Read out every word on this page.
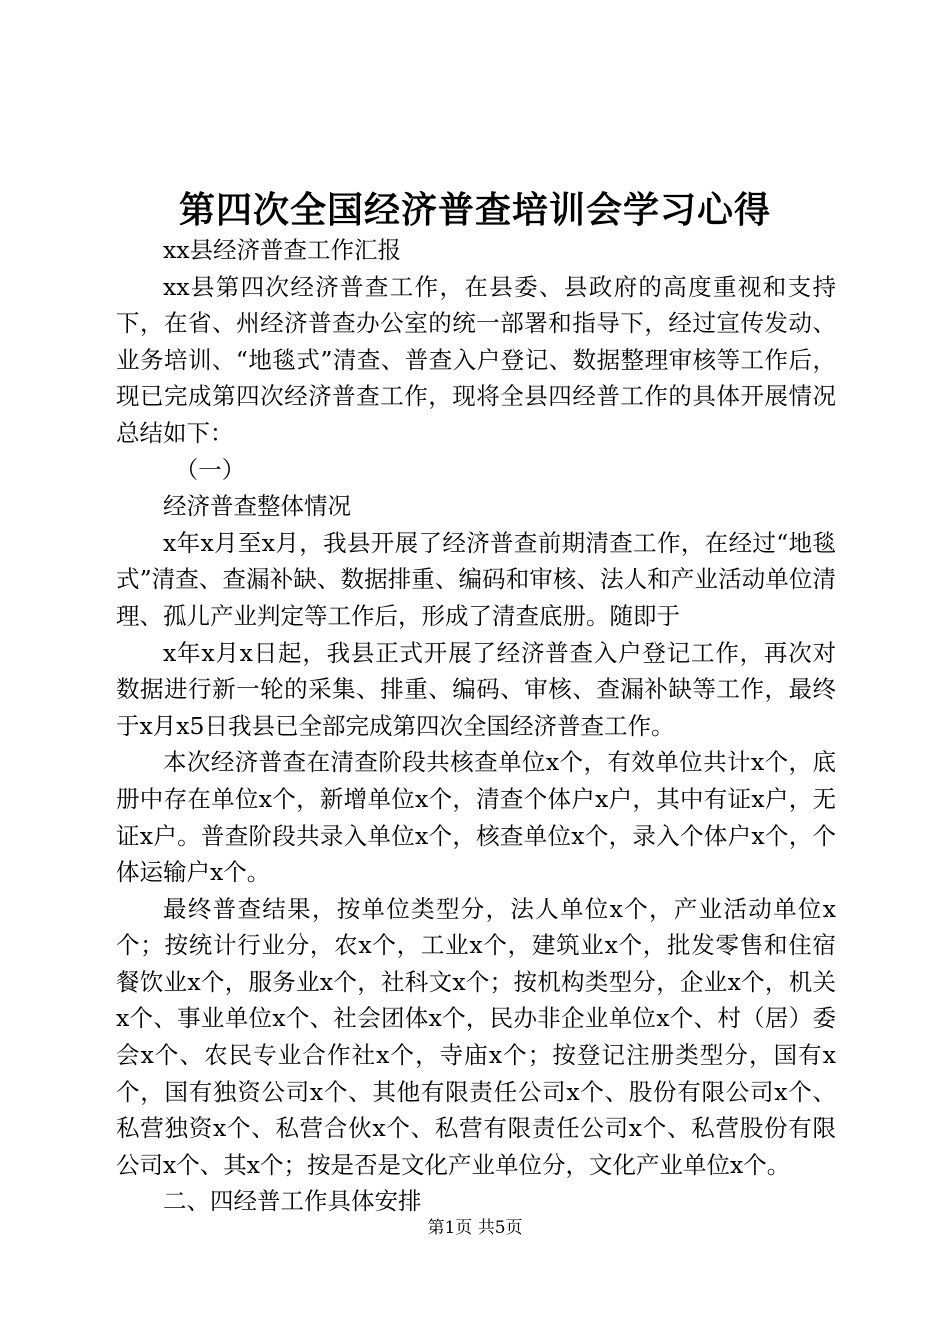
第四次全国经济普查培训会学习心得

xx县经济普查工作汇报

xx县第四次经济普查工作，在县委、县政府的高度重视和支持下，在省、州经济普查办公室的统一部署和指导下，经过宣传发动、业务培训、“地毯式”清查、普查入户登记、数据整理审核等工作后，现已完成第四次经济普查工作，现将全县四经普工作的具体开展情况总结如下：

（一）

经济普查整体情况

x年x月至x月，我县开展了经济普查前期清查工作，在经过“地毯式”清查、查漏补缺、数据排重、编码和审核、法人和产业活动单位清理、孤儿产业判定等工作后，形成了清查底册。随即于

x年x月x日起，我县正式开展了经济普查入户登记工作，再次对数据进行新一轮的采集、排重、编码、审核、查漏补缺等工作，最终于x月x5日我县已全部完成第四次全国经济普查工作。

本次经济普查在清查阶段共核查单位x个，有效单位共计x个，底册中存在单位x个，新增单位x个，清查个体户x户，其中有证x户，无证x户。普查阶段共录入单位x个，核查单位x个，录入个体户x个，个体运输户x个。

最终普查结果，按单位类型分，法人单位x个，产业活动单位x个；按统计行业分，农x个，工业x个，建筑业x个，批发零售和住宿餐饮业x个，服务业x个，社科文x个；按机构类型分，企业x个，机关x个、事业单位x个、社会团体x个，民办非企业单位x个、村（居）委会x个、农民专业合作社x个，寺庙x个；按登记注册类型分，国有x个，国有独资公司x个、其他有限责任公司x个、股份有限公司x个、私营独资x个、私营合伙x个、私营有限责任公司x个、私营股份有限公司x个、其x个；按是否是文化产业单位分，文化产业单位x个。

二、四经普工作具体安排

第1页 共5页
